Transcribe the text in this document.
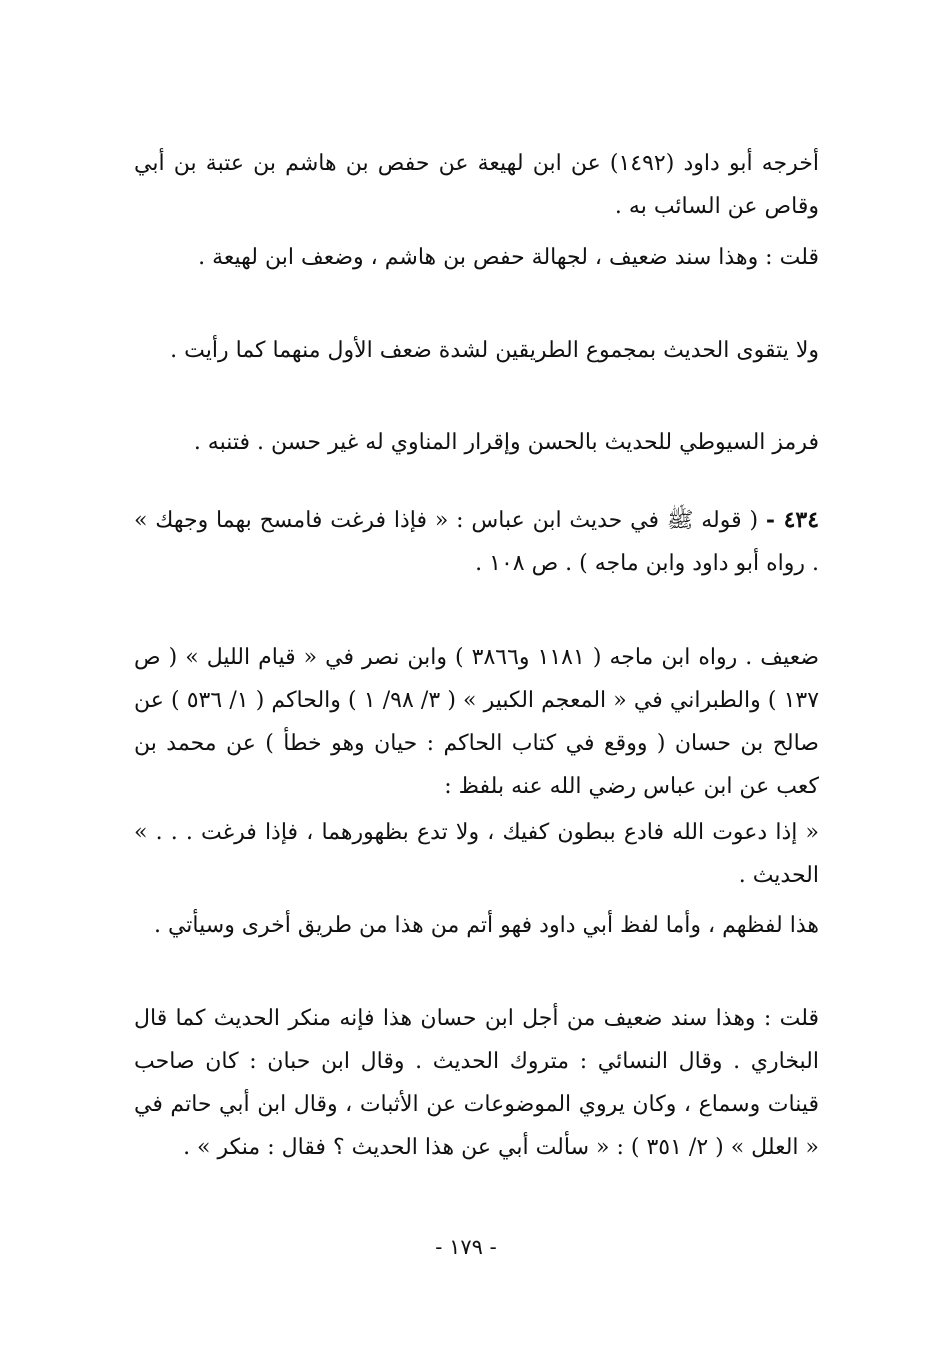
أخرجه أبو داود (١٤٩٢) عن ابن لهيعة عن حفص بن هاشم بن عتبة بن أبي وقاص عن السائب به .

قلت : وهذا سند ضعيف ، لجهالة حفص بن هاشم ، وضعف ابن لهيعة .

ولا يتقوى الحديث بمجموع الطريقين لشدة ضعف الأول منهما كما رأيت .

فرمز السيوطي للحديث بالحسن وإقرار المناوي له غير حسن . فتنبه .

٤٣٤ - ( قوله ﷺ في حديث ابن عباس : « فإذا فرغت فامسح بهما وجهك » . رواه أبو داود وابن ماجه ) . ص ١٠٨ .

ضعيف . رواه ابن ماجه ( ١١٨١ و٣٨٦٦ ) وابن نصر في « قيام الليل » ( ص ١٣٧ ) والطبراني في « المعجم الكبير » ( ٣/ ٩٨/ ١ ) والحاكم ( ١/ ٥٣٦ ) عن صالح بن حسان ( ووقع في كتاب الحاكم : حيان وهو خطأ ) عن محمد بن كعب عن ابن عباس رضي الله عنه بلفظ :

« إذا دعوت الله فادع ببطون كفيك ، ولا تدع بظهورهما ، فإذا فرغت . . . » الحديث .

هذا لفظهم ، وأما لفظ أبي داود فهو أتم من هذا من طريق أخرى وسيأتي .

قلت : وهذا سند ضعيف من أجل ابن حسان هذا فإنه منكر الحديث كما قال البخاري . وقال النسائي : متروك الحديث . وقال ابن حبان : كان صاحب قينات وسماع ، وكان يروي الموضوعات عن الأثبات ، وقال ابن أبي حاتم في « العلل » ( ٢/ ٣٥١ ) : « سألت أبي عن هذا الحديث ؟ فقال : منكر » .

- ١٧٩ -
